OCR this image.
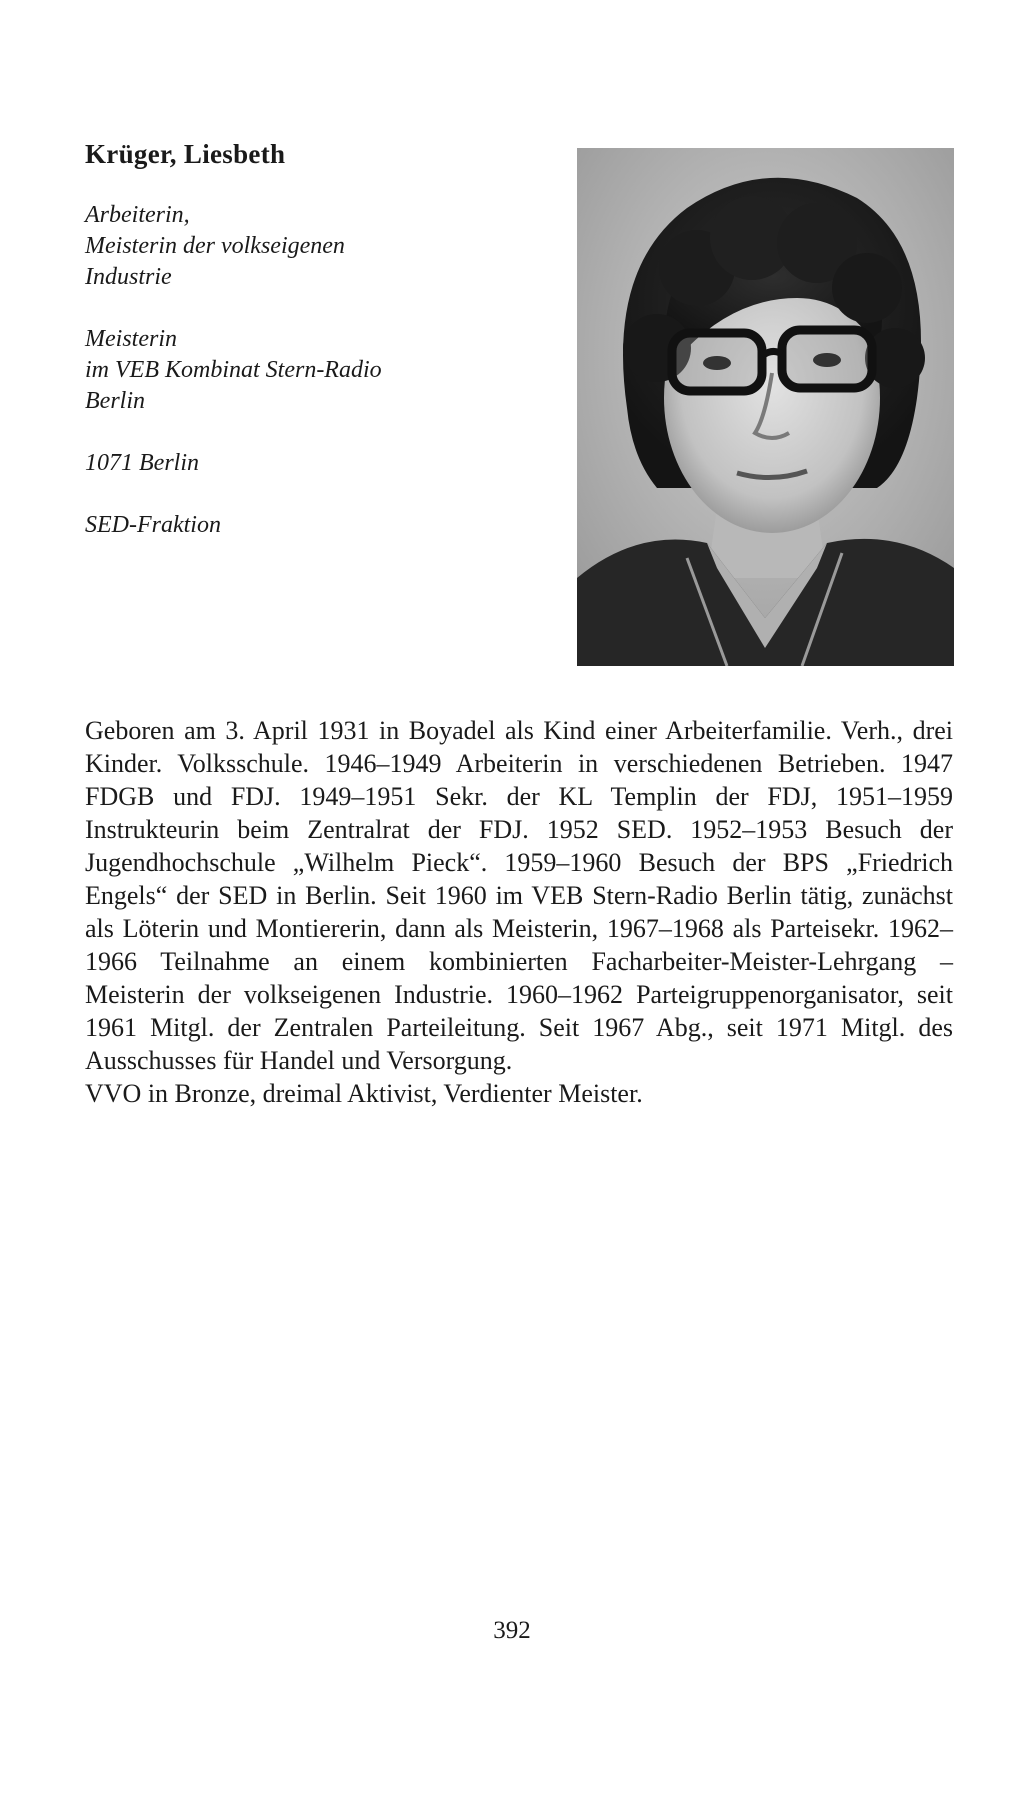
Krüger, Liesbeth

Arbeiterin,
Meisterin der volkseigenen
Industrie

Meisterin
im VEB Kombinat Stern-Radio
Berlin

1071 Berlin

SED-Fraktion

Geboren am 3. April 1931 in Boyadel als Kind einer Arbeiterfamilie. Verh., drei Kinder. Volksschule. 1946–1949 Arbeiterin in verschiedenen Betrieben. 1947 FDGB und FDJ. 1949–1951 Sekr. der KL Templin der FDJ, 1951–1959 Instrukteurin beim Zentralrat der FDJ. 1952 SED. 1952–1953 Besuch der Jugendhochschule „Wilhelm Pieck“. 1959–1960 Besuch der BPS „Friedrich Engels“ der SED in Berlin. Seit 1960 im VEB Stern-Radio Berlin tätig, zunächst als Löterin und Montiererin, dann als Meisterin, 1967–1968 als Parteisekr. 1962–1966 Teilnahme an einem kombinierten Facharbeiter-Meister-Lehrgang – Meisterin der volkseigenen Industrie. 1960–1962 Parteigruppenorganisator, seit 1961 Mitgl. der Zentralen Parteileitung. Seit 1967 Abg., seit 1971 Mitgl. des Ausschusses für Handel und Versorgung.

VVO in Bronze, dreimal Aktivist, Verdienter Meister.

392
